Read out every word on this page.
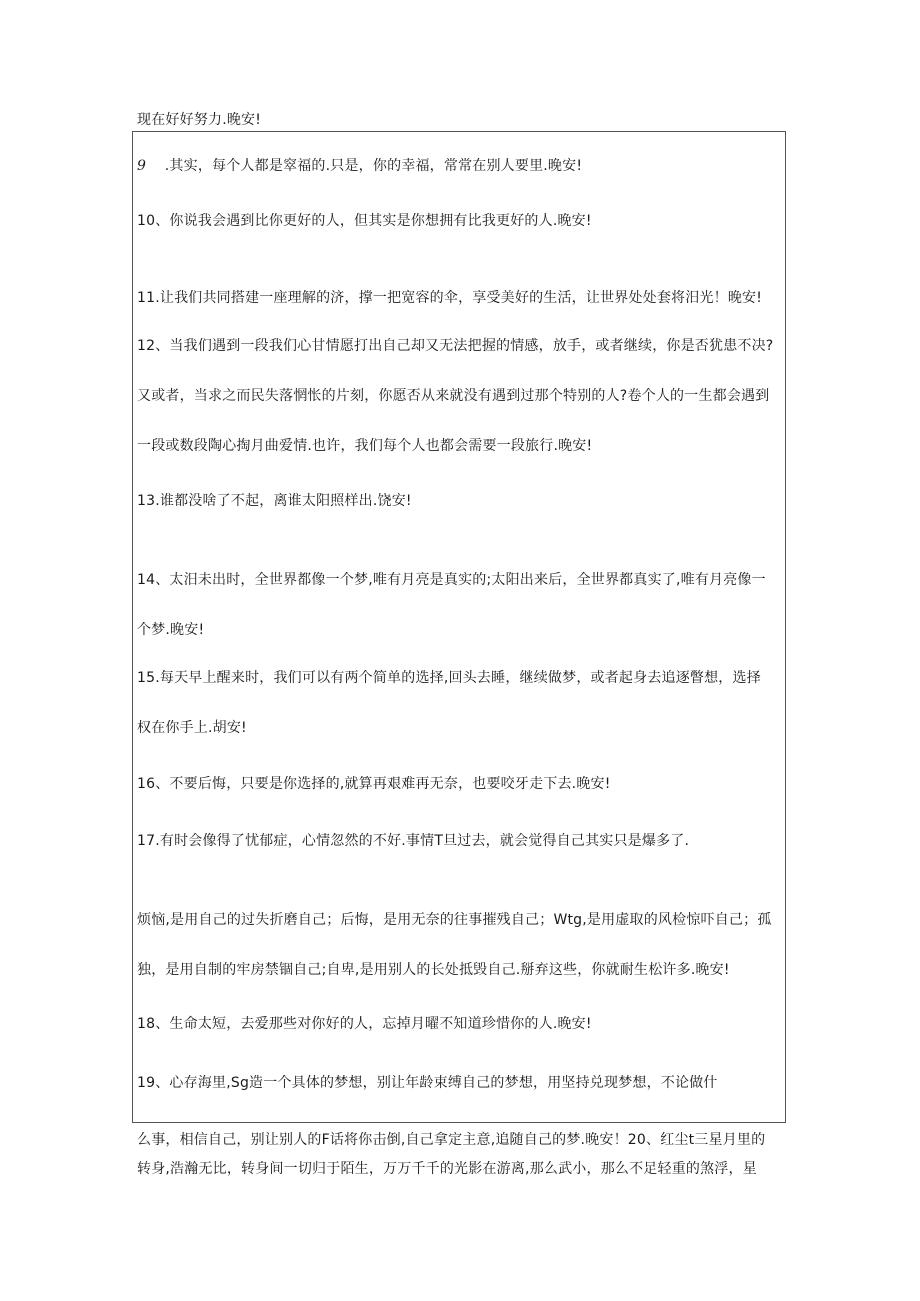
现在好好努力.晚安!
9 .其实，每个人都是窣福的.只是，你的幸福，常常在别人要里.晚安!
10、你说我会遇到比你更好的人，但其实是你想拥有比我更好的人.晚安!
11.让我们共同搭建一座理解的济，撑一把宽容的伞，享受美好的生活，让世界处处套将汨光！晚安!
12、当我们遇到一段我们心甘情愿打出自己却又无法把握的情感，放手，或者继续，你是否犹患不决?
又或者，当求之而民失落惘怅的片刻，你愿否从来就没有遇到过那个特别的人?卷个人的一生都会遇到
一段或数段陶心掏月曲爱情.也许，我们每个人也都会需要一段旅行.晚安!
13.谁都没啥了不起，离谁太阳照样出.饶安!
14、太汨未出时，全世界都像一个梦,唯有月亮是真实的;太阳出来后，全世界都真实了,唯有月亮像一
个梦.晚安!
15.每天早上醒来时，我们可以有两个简单的选择,回头去睡，继续做梦，或者起身去追逐瞥想，选择
权在你手上.胡安!
16、不要后悔，只要是你选择的,就算再艰难再无奈，也要咬牙走下去.晚安!
17.有时会像得了忧郁症，心情忽然的不好.事情T旦过去，就会觉得自己其实只是爆多了.
烦恼,是用自己的过失折磨自己；后悔，是用无奈的往事摧残自己；Wtg,是用虚取的风检惊吓自己；孤
独，是用自制的牢房禁锢自己;自卑,是用别人的长处抵毁自己.掰弃这些，你就耐生松许多.晚安!
18、生命太短，去爱那些对你好的人，忘掉月曜不知道珍惜你的人.晚安!
19、心存海里,Sg造一个具体的梦想，别让年龄束缚自己的梦想，用坚持兑现梦想，不论做什
么事，相信自己，别让别人的F话将你击倒,自己拿定主意,追随自己的梦.晚安！20、红尘t三星月里的
转身,浩瀚无比，转身间一切归于陌生，万万千千的光影在游离,那么武小，那么不足轻重的煞浮，星
